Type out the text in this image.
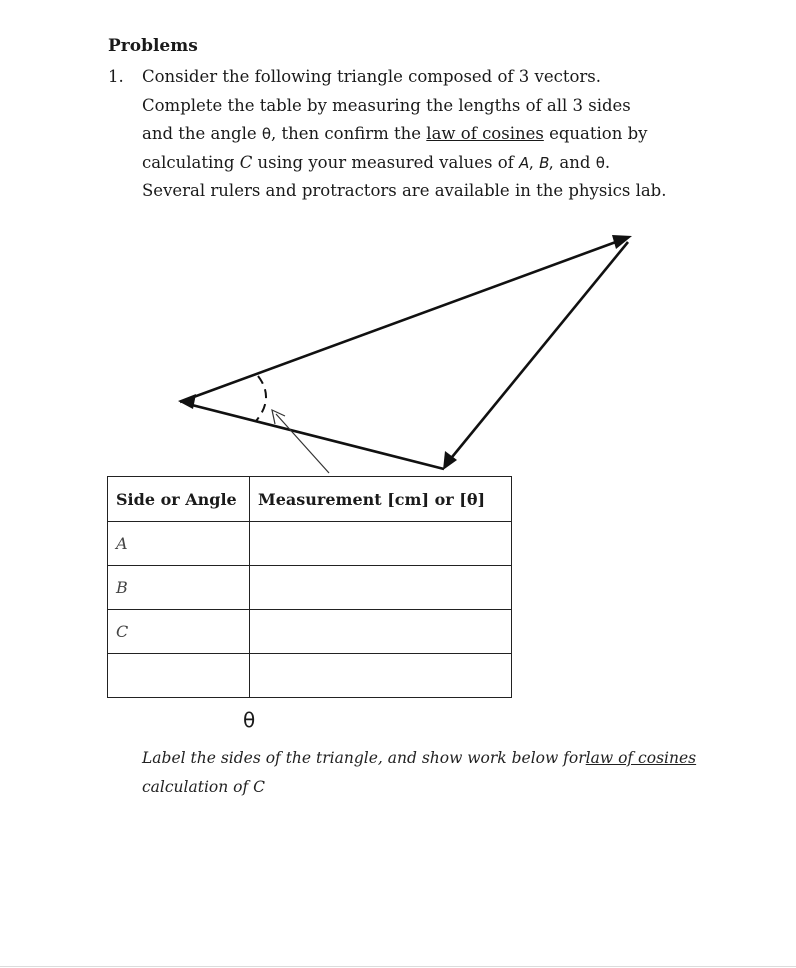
Problems
1. Consider the following triangle composed of 3 vectors.
Complete the table by measuring the lengths of all 3 sides
and the angle θ, then confirm the law of cosines equation by
calculating C using your measured values of A, B, and θ.
Several rulers and protractors are available in the physics lab.
Side or Angle	Measurement [cm] or [θ]
A	
B	
C	

θ
Label the sides of the triangle, and show work below forlaw of cosines
calculation of C
